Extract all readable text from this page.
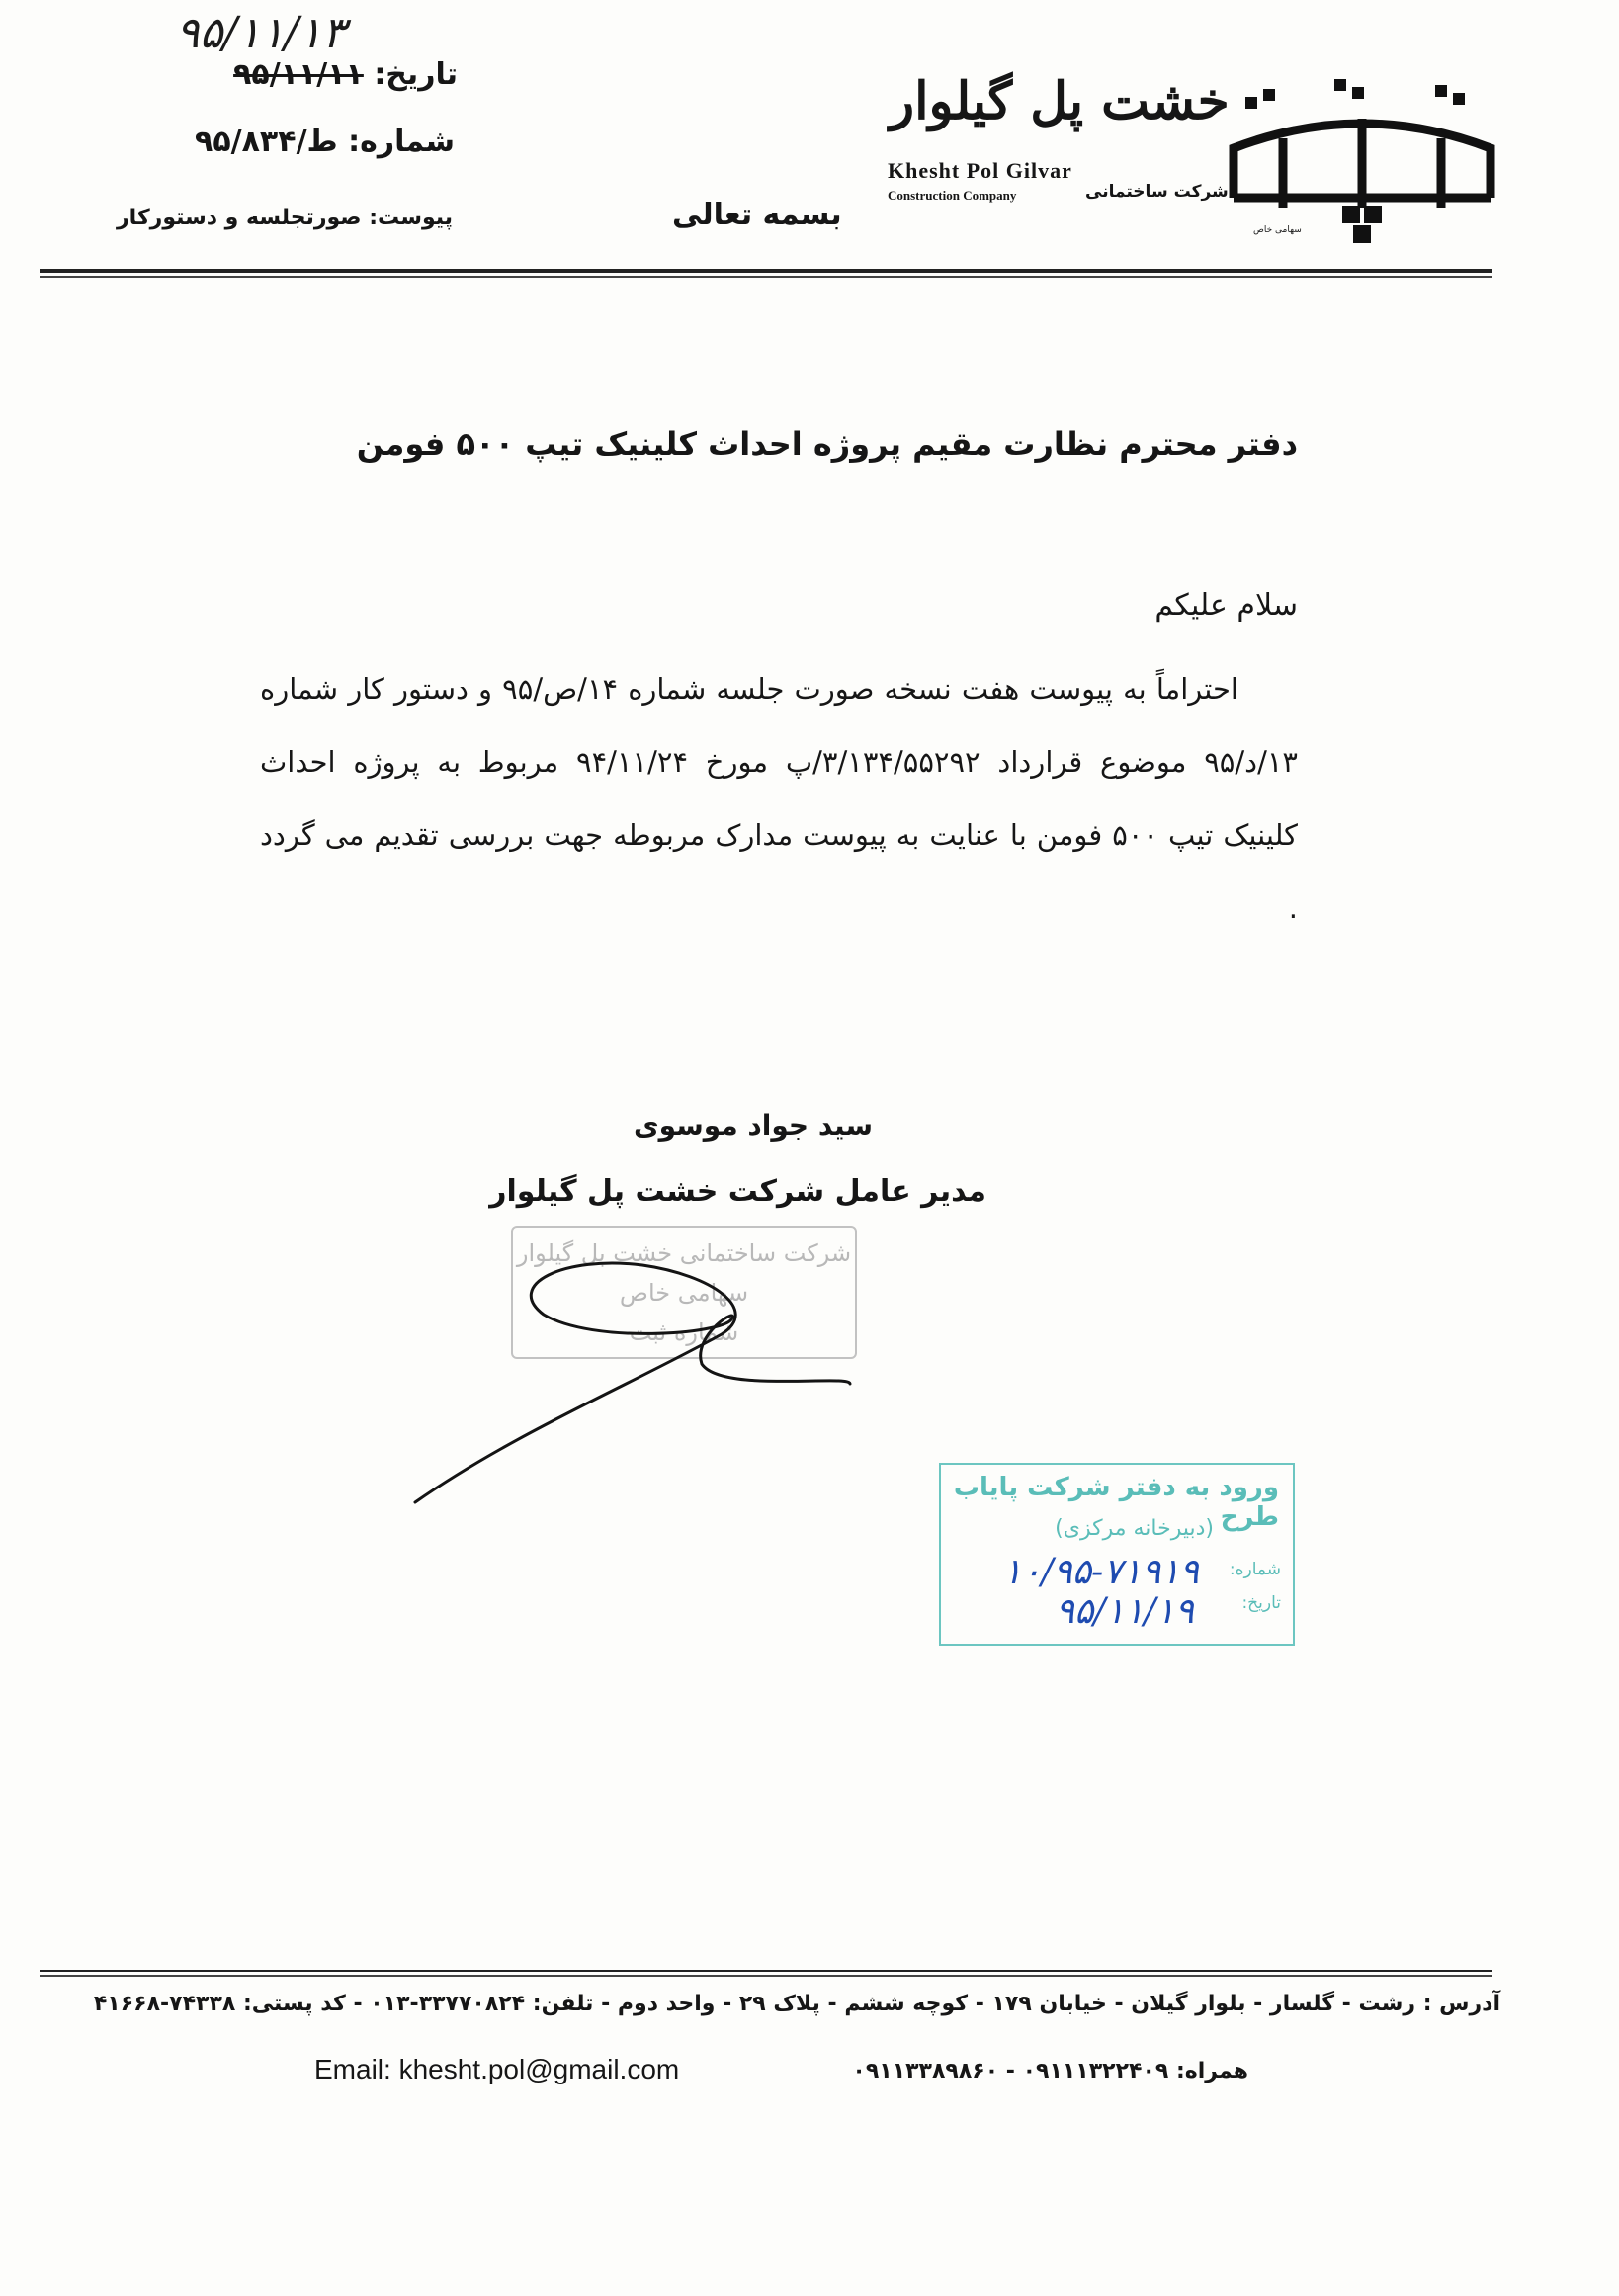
۹۵/۱۱/۱۳
تاریخ: ۹۵/۱۱/۱۱
شماره: ط/۹۵/۸۳۴
پیوست: صورتجلسه و دستورکار	بسمه تعالی
خشت پل گیلوار
Khesht Pol Gilvar
Construction Company	شرکت ساختمانی
سهامی خاص
دفتر محترم نظارت مقیم پروژه احداث کلینیک تیپ ۵۰۰ فومن
سلام علیکم
احتراماً به پیوست هفت نسخه صورت جلسه شماره ۱۴/ص/۹۵ و دستور کار شماره ۱۳/د/۹۵ موضوع قرارداد ۳/۱۳۴/۵۵۲۹۲/پ مورخ ۹۴/۱۱/۲۴ مربوط به پروژه احداث کلینیک تیپ ۵۰۰ فومن با عنایت به پیوست مدارک مربوطه جهت بررسی تقدیم می گردد .
سید جواد موسوی
مدیر عامل شرکت خشت پل گیلوار
شرکت ساختمانی خشت پل گیلوار
سهامی خاص
شماره ثبت
ورود به دفتر شرکت پایاب طرح
(دبیرخانه مرکزی)
شماره:
تاریخ:
۱۰/۹۵-۷۱۹۱۹
۹۵/۱۱/۱۹
آدرس : رشت - گلسار - بلوار گیلان - خیابان ۱۷۹ - کوچه ششم - پلاک ۲۹ - واحد دوم - تلفن: ۳۳۷۷۰۸۲۴-۰۱۳ - کد پستی: ۷۴۳۳۸-۴۱۶۶۸
همراه: ۰۹۱۱۱۳۲۲۴۰۹ - ۰۹۱۱۳۳۸۹۸۶۰
Email: khesht.pol@gmail.com
